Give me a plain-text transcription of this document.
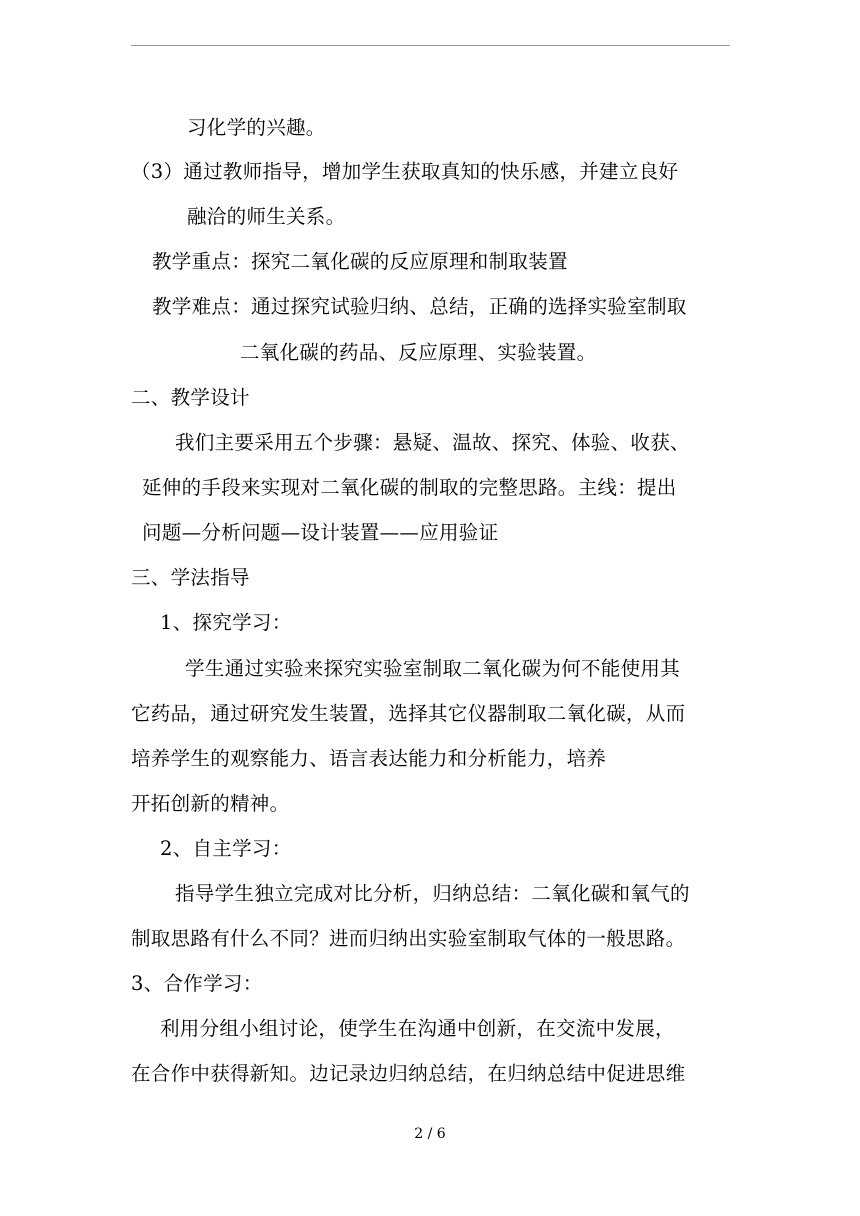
习化学的兴趣。
（3）通过教师指导，增加学生获取真知的快乐感，并建立良好
融洽的师生关系。
教学重点：探究二氧化碳的反应原理和制取装置
教学难点：通过探究试验归纳、总结，正确的选择实验室制取
二氧化碳的药品、反应原理、实验装置。
二、教学设计
我们主要采用五个步骤：悬疑、温故、探究、体验、收获、
延伸的手段来实现对二氧化碳的制取的完整思路。主线：提出
问题—分析问题—设计装置——应用验证
三、学法指导
1、探究学习：
学生通过实验来探究实验室制取二氧化碳为何不能使用其
它药品，通过研究发生装置，选择其它仪器制取二氧化碳，从而
培养学生的观察能力、语言表达能力和分析能力，培养
开拓创新的精神。
2、自主学习：
指导学生独立完成对比分析，归纳总结：二氧化碳和氧气的
制取思路有什么不同？进而归纳出实验室制取气体的一般思路。
3、合作学习：
利用分组小组讨论，使学生在沟通中创新，在交流中发展，
在合作中获得新知。边记录边归纳总结，在归纳总结中促进思维
2 / 6
